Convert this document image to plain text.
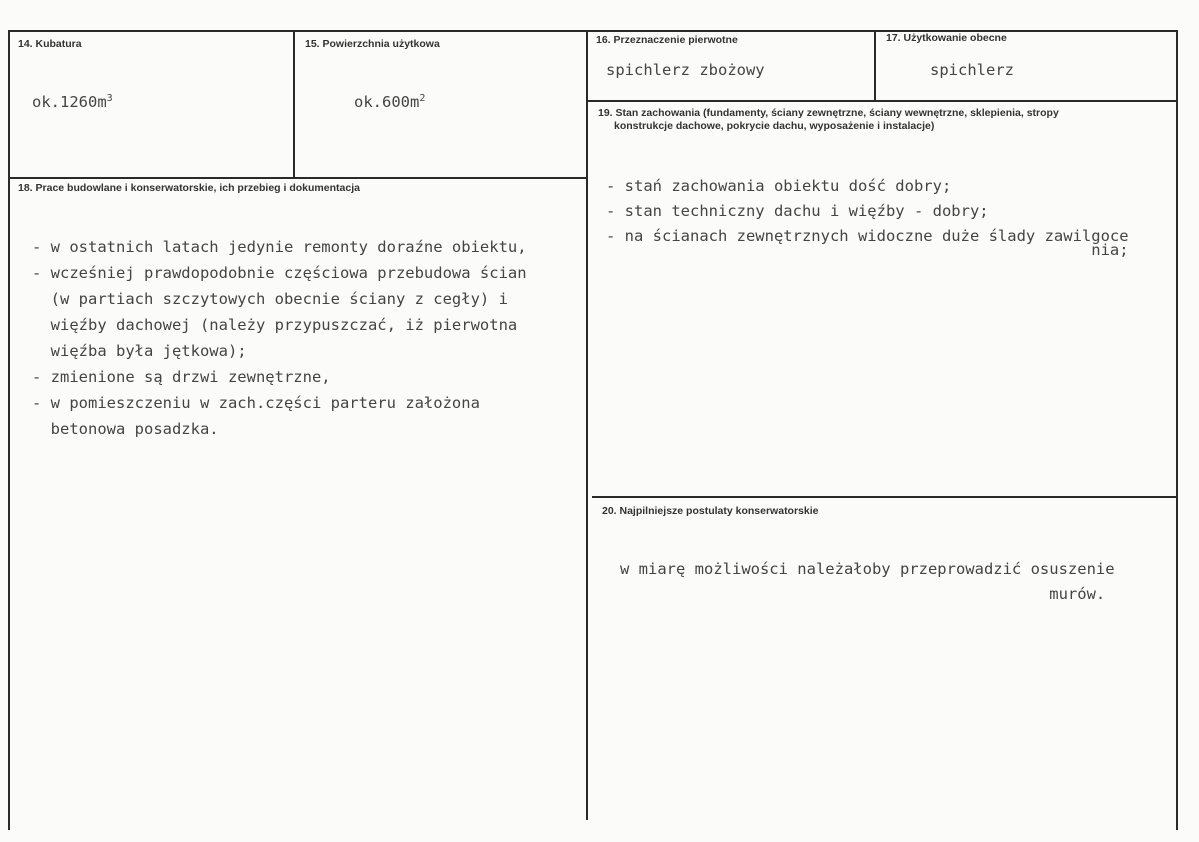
14. Kubatura
$ok.1260m^3$
15. Powierzchnia użytkowa
$ok.600m^2$
16. Przeznaczenie pierwotne
spichlerz zbożowy
17. Użytkowanie obecne
spichlerz
19. Stan zachowania (fundamenty, ściany zewnętrzne, ściany wewnętrzne, sklepienia, stropy
konstrukcje dachowe, pokrycie dachu, wyposażenie i instalacje)

- stań zachowania obiektu dość dobry;
- stan techniczny dachu i więźby - dobry;
- na ścianach zewnętrznych widoczne duże ślady zawilgoce
nia;
18. Prace budowlane i konserwatorskie, ich przebieg i dokumentacja

- w ostatnich latach jedynie remonty doraźne obiektu,
- wcześniej prawdopodobnie częściowa przebudowa ścian
(w partiach szczytowych obecnie ściany z cegły) i
więźby dachowej (należy przypuszczać, iż pierwotna
więźba była jętkowa);
- zmienione są drzwi zewnętrzne,
- w pomieszczeniu w zach.części parteru założona
betonowa posadzka.
20. Najpilniejsze postulaty konserwatorskie

w miarę możliwości należałoby przeprowadzić osuszenie
murów.
